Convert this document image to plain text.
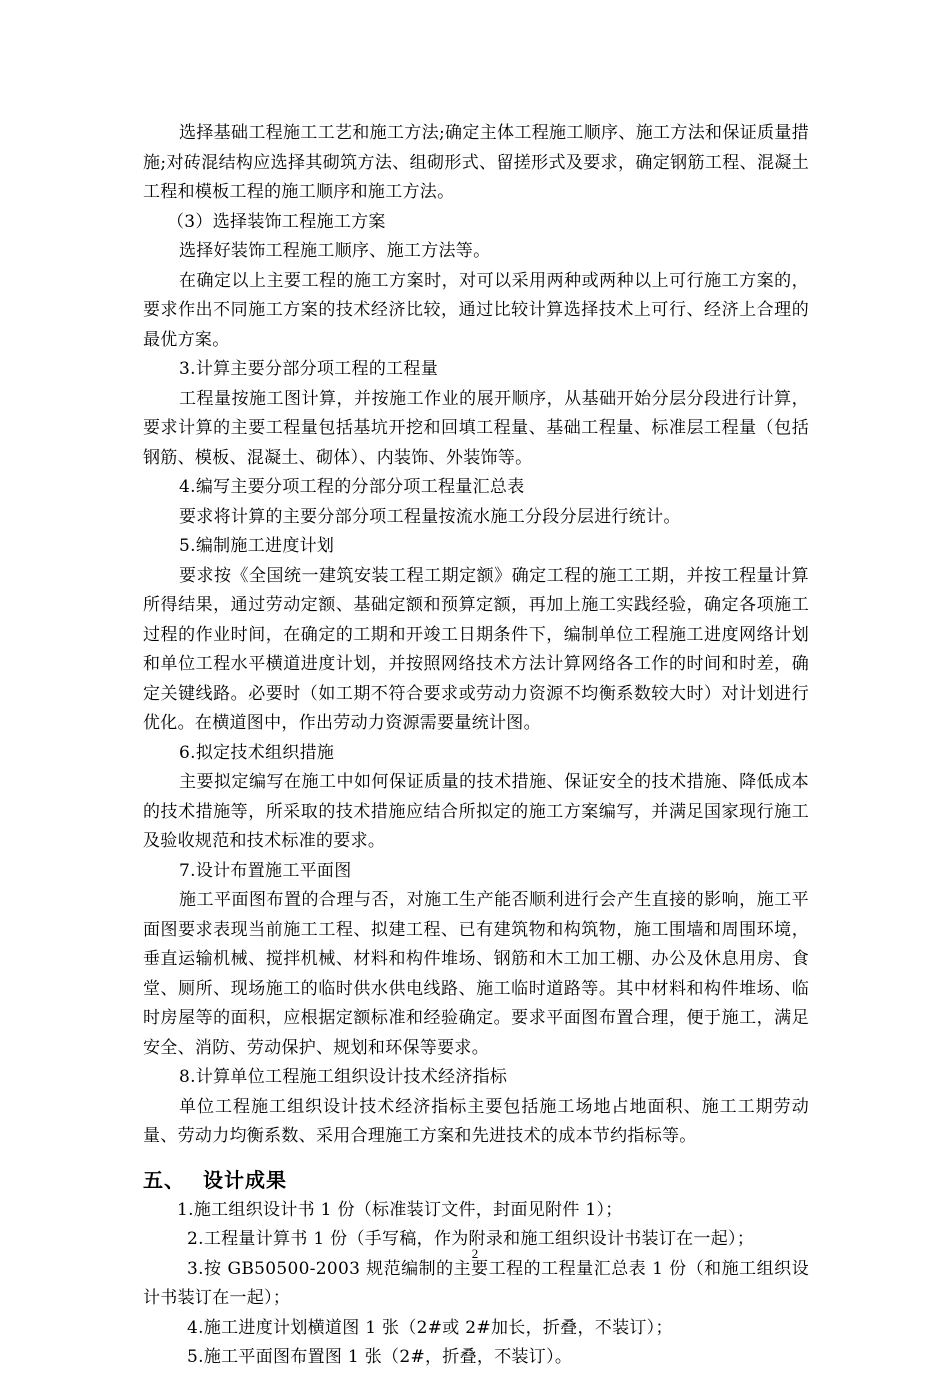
选择基础工程施工工艺和施工方法;确定主体工程施工顺序、施工方法和保证质量措施;对砖混结构应选择其砌筑方法、组砌形式、留搓形式及要求，确定钢筋工程、混凝土工程和模板工程的施工顺序和施工方法。

（3）选择装饰工程施工方案

选择好装饰工程施工顺序、施工方法等。

在确定以上主要工程的施工方案时，对可以采用两种或两种以上可行施工方案的，要求作出不同施工方案的技术经济比较，通过比较计算选择技术上可行、经济上合理的最优方案。

3.计算主要分部分项工程的工程量

工程量按施工图计算，并按施工作业的展开顺序，从基础开始分层分段进行计算，要求计算的主要工程量包括基坑开挖和回填工程量、基础工程量、标准层工程量（包括钢筋、模板、混凝土、砌体）、内装饰、外装饰等。

4.编写主要分项工程的分部分项工程量汇总表

要求将计算的主要分部分项工程量按流水施工分段分层进行统计。

5.编制施工进度计划

要求按《全国统一建筑安装工程工期定额》确定工程的施工工期，并按工程量计算所得结果，通过劳动定额、基础定额和预算定额，再加上施工实践经验，确定各项施工过程的作业时间，在确定的工期和开竣工日期条件下，编制单位工程施工进度网络计划和单位工程水平横道进度计划，并按照网络技术方法计算网络各工作的时间和时差，确定关键线路。必要时（如工期不符合要求或劳动力资源不均衡系数较大时）对计划进行优化。在横道图中，作出劳动力资源需要量统计图。

6.拟定技术组织措施

主要拟定编写在施工中如何保证质量的技术措施、保证安全的技术措施、降低成本的技术措施等，所采取的技术措施应结合所拟定的施工方案编写，并满足国家现行施工及验收规范和技术标准的要求。

7.设计布置施工平面图

施工平面图布置的合理与否，对施工生产能否顺利进行会产生直接的影响，施工平面图要求表现当前施工工程、拟建工程、已有建筑物和构筑物，施工围墙和周围环境，垂直运输机械、搅拌机械、材料和构件堆场、钢筋和木工加工棚、办公及休息用房、食堂、厕所、现场施工的临时供水供电线路、施工临时道路等。其中材料和构件堆场、临时房屋等的面积，应根据定额标准和经验确定。要求平面图布置合理，便于施工，满足安全、消防、劳动保护、规划和环保等要求。

8.计算单位工程施工组织设计技术经济指标

单位工程施工组织设计技术经济指标主要包括施工场地占地面积、施工工期劳动量、劳动力均衡系数、采用合理施工方案和先进技术的成本节约指标等。

五、 设计成果

1.施工组织设计书 1 份（标准装订文件，封面见附件 1）；

2.工程量计算书 1 份（手写稿，作为附录和施工组织设计书装订在一起）；

3.按 GB50500-2003 规范编制的主要工程的工程量汇总表 1 份（和施工组织设计书装订在一起）；

4.施工进度计划横道图 1 张（2#或 2#加长，折叠，不装订）；

5.施工平面图布置图 1 张（2#，折叠，不装订）。

2
